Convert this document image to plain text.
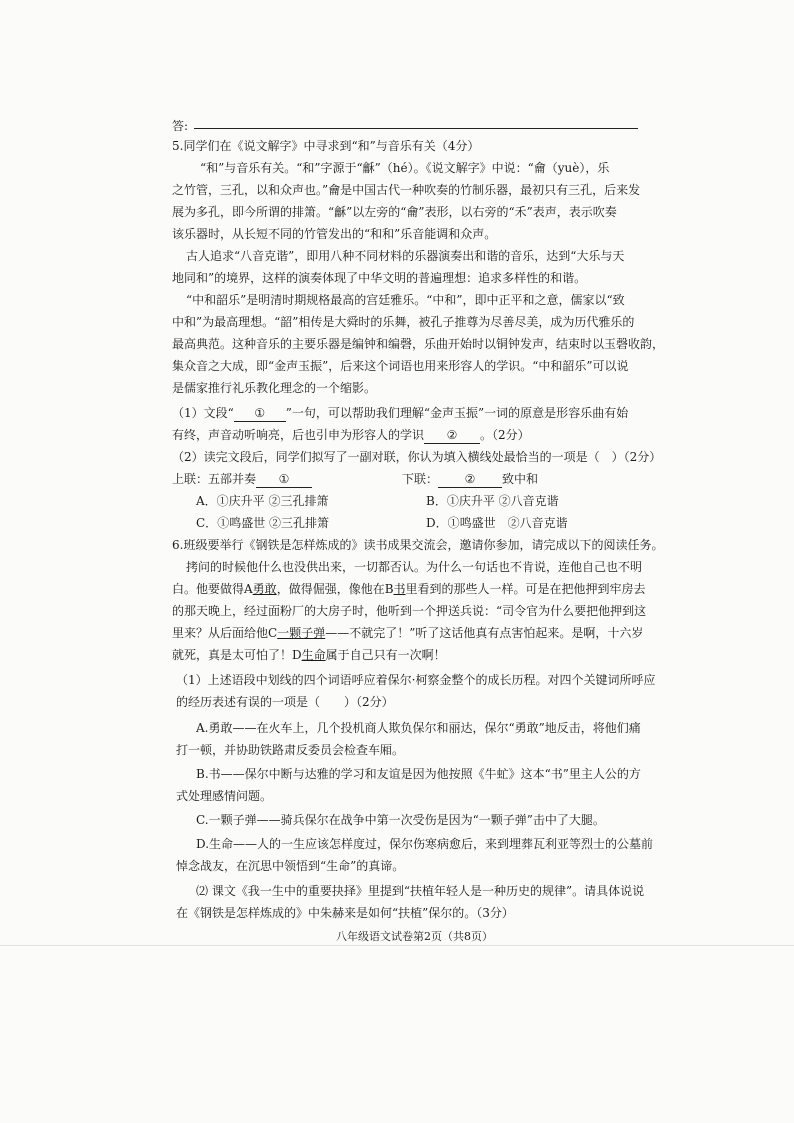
答:
5.同学们在《说文解字》中寻求到“和”与音乐有关（4分）
“和”与音乐有关。“和”字源于“龢”（hé）。《说文解字》中说：“龠（yuè），乐
之竹管，三孔，以和众声也。”龠是中国古代一种吹奏的竹制乐器，最初只有三孔，后来发
展为多孔，即今所谓的排箫。“龢”以左旁的“龠”表形，以右旁的“禾”表声，表示吹奏
该乐器时，从长短不同的竹管发出的“和和”乐音能调和众声。
古人追求“八音克谐”，即用八种不同材料的乐器演奏出和谐的音乐，达到“大乐与天
地同和”的境界，这样的演奏体现了中华文明的普遍理想：追求多样性的和谐。
“中和韶乐”是明清时期规格最高的宫廷雅乐。“中和”，即中正平和之意，儒家以“致
中和”为最高理想。“韶”相传是大舜时的乐舞，被孔子推尊为尽善尽美，成为历代雅乐的
最高典范。这种音乐的主要乐器是编钟和编磬，乐曲开始时以铜钟发声，结束时以玉磬收韵，
集众音之大成，即“金声玉振”，后来这个词语也用来形容人的学识。“中和韶乐”可以说
是儒家推行礼乐教化理念的一个缩影。
（1）文段“ ① ”一句，可以帮助我们理解“金声玉振”一词的原意是形容乐曲有始
有终，声音动听响亮，后也引申为形容人的学识 ② 。（2分）
（2）读完文段后，同学们拟写了一副对联，你认为填入横线处最恰当的一项是（　）（2分）
上联：五部并奏 ①	下联： ② 致中和
A．①庆升平 ②三孔排箫	B．①庆升平 ②八音克谐
C．①鸣盛世 ②三孔排箫	D．①鸣盛世　②八音克谐
6.班级要举行《钢铁是怎样炼成的》读书成果交流会，邀请你参加，请完成以下的阅读任务。
拷问的时候他什么也没供出来，一切都否认。为什么一句话也不肯说，连他自己也不明
白。他要做得A勇敢，做得倔强，像他在B书里看到的那些人一样。可是在把他押到牢房去
的那天晚上，经过面粉厂的大房子时，他听到一个押送兵说：“司令官为什么要把他押到这
里来？从后面给他C一颗子弹——不就完了！”听了这话他真有点害怕起来。是啊，十六岁
就死，真是太可怕了！D生命属于自己只有一次啊！
（1）上述语段中划线的四个词语呼应着保尔·柯察金整个的成长历程。对四个关键词所呼应
的经历表述有误的一项是（　　）（2分）
A.勇敢——在火车上，几个投机商人欺负保尔和丽达，保尔“勇敢”地反击，将他们痛
打一顿，并协助铁路肃反委员会检查车厢。
B.书——保尔中断与达雅的学习和友谊是因为他按照《牛虻》这本“书”里主人公的方
式处理感情问题。
C.一颗子弹——骑兵保尔在战争中第一次受伤是因为“一颗子弹”击中了大腿。
D.生命——人的一生应该怎样度过，保尔伤寒病愈后，来到埋葬瓦利亚等烈士的公墓前
悼念战友，在沉思中领悟到“生命”的真谛。
⑵ 课文《我一生中的重要抉择》里提到“扶植年轻人是一种历史的规律”。请具体说说
在《钢铁是怎样炼成的》中朱赫来是如何“扶植”保尔的。（3分）
八年级语文试卷第2页（共8页）
